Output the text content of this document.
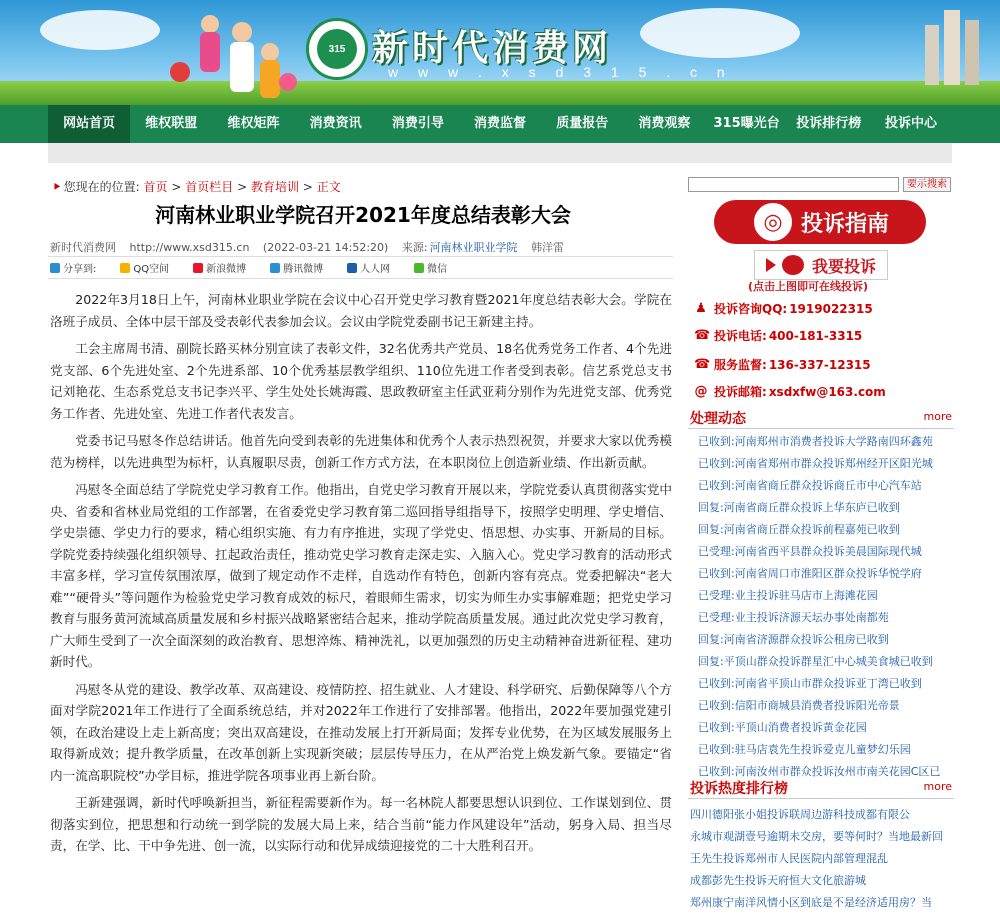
315 新时代消费网
w w w . x s d 3 1 5 . c n
网站首页	维权联盟	维权矩阵	消费资讯	消费引导	消费监督	质量报告	消费观察	315曝光台	投诉排行榜	投诉中心
⯈ 您现在的位置: 首页 > 首页栏目 > 教育培训 > 正文
河南林业职业学院召开2021年度总结表彰大会
新时代消费网 http://www.xsd315.cn (2022-03-21 14:52:20) 来源: 河南林业职业学院 韩洋雷
分享到:	QQ空间	新浪微博	腾讯微博	人人网	微信

2022年3月18日上午，河南林业职业学院在会议中心召开党史学习教育暨2021年度总结表彰大会。学院在洛班子成员、全体中层干部及受表彰代表参加会议。会议由学院党委副书记王新建主持。

工会主席周书清、副院长路买林分别宣读了表彰文件，32名优秀共产党员、18名优秀党务工作者、4个先进党支部、6个先进处室、2个先进系部、10个优秀基层教学组织、110位先进工作者受到表彰。信艺系党总支书记刘艳花、生态系党总支书记李兴平、学生处处长姚海霞、思政教研室主任武亚莉分别作为先进党支部、优秀党务工作者、先进处室、先进工作者代表发言。

党委书记马慰冬作总结讲话。他首先向受到表彰的先进集体和优秀个人表示热烈祝贺，并要求大家以优秀模范为榜样，以先进典型为标杆，认真履职尽责，创新工作方式方法，在本职岗位上创造新业绩、作出新贡献。

冯慰冬全面总结了学院党史学习教育工作。他指出，自党史学习教育开展以来，学院党委认真贯彻落实党中央、省委和省林业局党组的工作部署，在省委党史学习教育第二巡回指导组指导下，按照学史明理、学史增信、学史崇德、学史力行的要求，精心组织实施、有力有序推进，实现了学党史、悟思想、办实事、开新局的目标。学院党委持续强化组织领导、扛起政治责任，推动党史学习教育走深走实、入脑入心。党史学习教育的活动形式丰富多样，学习宣传氛围浓厚，做到了规定动作不走样，自选动作有特色，创新内容有亮点。党委把解决“老大难”“硬骨头”等问题作为检验党史学习教育成效的标尺，着眼师生需求，切实为师生办实事解难题；把党史学习教育与服务黄河流域高质量发展和乡村振兴战略紧密结合起来，推动学院高质量发展。通过此次党史学习教育，广大师生受到了一次全面深刻的政治教育、思想淬炼、精神洗礼，以更加强烈的历史主动精神奋进新征程、建功新时代。

冯慰冬从党的建设、教学改革、双高建设、疫情防控、招生就业、人才建设、科学研究、后勤保障等八个方面对学院2021年工作进行了全面系统总结，并对2022年工作进行了安排部署。他指出，2022年要加强党建引领，在政治建设上走上新高度；突出双高建设，在推动发展上打开新局面；发挥专业优势，在为区域发展服务上取得新成效；提升教学质量，在改革创新上实现新突破；层层传导压力，在从严治党上焕发新气象。要锚定“省内一流高职院校”办学目标，推进学院各项事业再上新台阶。

王新建强调，新时代呼唤新担当，新征程需要新作为。每一名林院人都要思想认识到位、工作谋划到位、贯彻落实到位，把思想和行动统一到学院的发展大局上来，结合当前“能力作风建设年”活动，躬身入局、担当尽责，在学、比、干中争先进、创一流，以实际行动和优异成绩迎接党的二十大胜利召开。

要示搜索
◎ 投诉指南
我要投诉
(点击上图即可在线投诉)
♟ 投诉咨询QQ: 1919022315
☎ 投诉电话: 400-181-3315
☎ 服务监督: 136-337-12315
@ 投诉邮箱: xsdxfw@163.com
处理动态	more
已收到:河南郑州市消费者投诉大学路南四环鑫苑
已收到:河南省郑州市群众投诉郑州经开区阳光城
已收到:河南省商丘群众投诉商丘市中心汽车站
回复:河南省商丘群众投诉上华东庐已收到
回复:河南省商丘群众投诉前程嘉苑已收到
已受理:河南省西平县群众投诉美晨国际现代城
已收到:河南省周口市淮阳区群众投诉华悦学府
已受理:业主投诉驻马店市上海滩花园
已受理:业主投诉济源天坛办事处南都苑
回复:河南省济源群众投诉公租房已收到
回复:平顶山群众投诉群星汇中心城美食城已收到
已收到:河南省平顶山市群众投诉亚丁湾已收到
已收到:信阳市商城县消费者投诉阳光帝景
已收到:平顶山消费者投诉黄金花园
已收到:驻马店袁先生投诉爱克儿童梦幻乐园
已收到:河南汝州市群众投诉汝州市南关花园C区已
投诉热度排行榜	more
四川德阳张小姐投诉联周边游科技成都有限公
永城市观湖壹号逾期未交房，要等何时？当地最新回
王先生投诉郑州市人民医院内部管理混乱
成都彭先生投诉天府恒大文化旅游城
郑州康宁南洋风情小区到底是不是经济适用房？当
